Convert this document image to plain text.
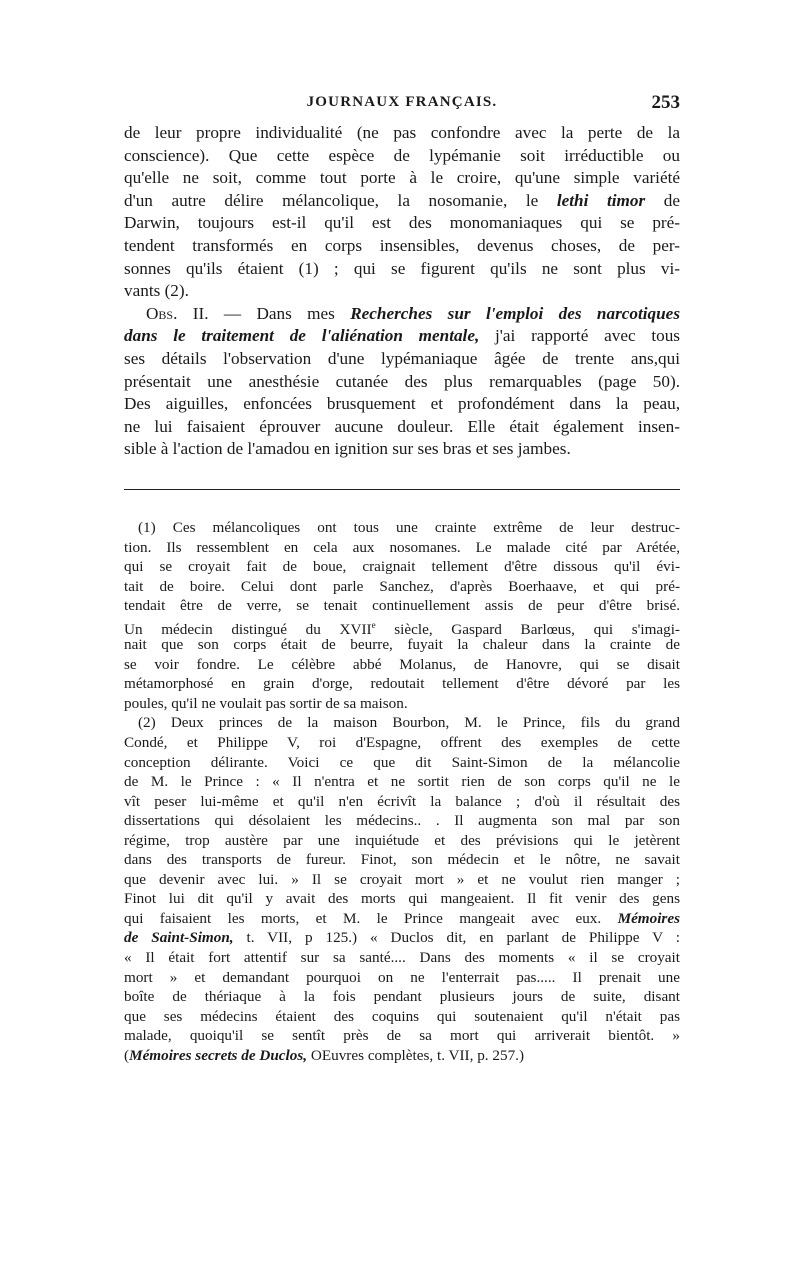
JOURNAUX FRANÇAIS.	253
de leur propre individualité (ne pas confondre avec la perte de la
conscience). Que cette espèce de lypémanie soit irréductible ou
qu'elle ne soit, comme tout porte à le croire, qu'une simple variété
d'un autre délire mélancolique, la nosomanie, le lethi timor de
Darwin, toujours est-il qu'il est des monomaniaques qui se pré-
tendent transformés en corps insensibles, devenus choses, de per-
sonnes qu'ils étaient (1) ; qui se figurent qu'ils ne sont plus vi-
vants (2).
Obs. II. — Dans mes Recherches sur l'emploi des narcotiques
dans le traitement de l'aliénation mentale, j'ai rapporté avec tous
ses détails l'observation d'une lypémaniaque âgée de trente ans,qui
présentait une anesthésie cutanée des plus remarquables (page 50).
Des aiguilles, enfoncées brusquement et profondément dans la peau,
ne lui faisaient éprouver aucune douleur. Elle était également insen-
sible à l'action de l'amadou en ignition sur ses bras et ses jambes.
(1) Ces mélancoliques ont tous une crainte extrême de leur destruc-
tion. Ils ressemblent en cela aux nosomanes. Le malade cité par Arétée,
qui se croyait fait de boue, craignait tellement d'être dissous qu'il évi-
tait de boire. Celui dont parle Sanchez, d'après Boerhaave, et qui pré-
tendait être de verre, se tenait continuellement assis de peur d'être brisé.
Un médecin distingué du XVIIe siècle, Gaspard Barlœus, qui s'imagi-
nait que son corps était de beurre, fuyait la chaleur dans la crainte de
se voir fondre. Le célèbre abbé Molanus, de Hanovre, qui se disait
métamorphosé en grain d'orge, redoutait tellement d'être dévoré par les
poules, qu'il ne voulait pas sortir de sa maison.
(2) Deux princes de la maison Bourbon, M. le Prince, fils du grand
Condé, et Philippe V, roi d'Espagne, offrent des exemples de cette
conception délirante. Voici ce que dit Saint-Simon de la mélancolie
de M. le Prince : « Il n'entra et ne sortit rien de son corps qu'il ne le
vît peser lui-même et qu'il n'en écrivît la balance ; d'où il résultait des
dissertations qui désolaient les médecins.. . Il augmenta son mal par son
régime, trop austère par une inquiétude et des prévisions qui le jetèrent
dans des transports de fureur. Finot, son médecin et le nôtre, ne savait
que devenir avec lui. » Il se croyait mort » et ne voulut rien manger ;
Finot lui dit qu'il y avait des morts qui mangeaient. Il fit venir des gens
qui faisaient les morts, et M. le Prince mangeait avec eux. Mémoires
de Saint-Simon, t. VII, p 125.) « Duclos dit, en parlant de Philippe V :
« Il était fort attentif sur sa santé.... Dans des moments « il se croyait
mort » et demandant pourquoi on ne l'enterrait pas..... Il prenait une
boîte de thériaque à la fois pendant plusieurs jours de suite, disant
que ses médecins étaient des coquins qui soutenaient qu'il n'était pas
malade, quoiqu'il se sentît près de sa mort qui arriverait bientôt. »
(Mémoires secrets de Duclos, OEuvres complètes, t. VII, p. 257.)
